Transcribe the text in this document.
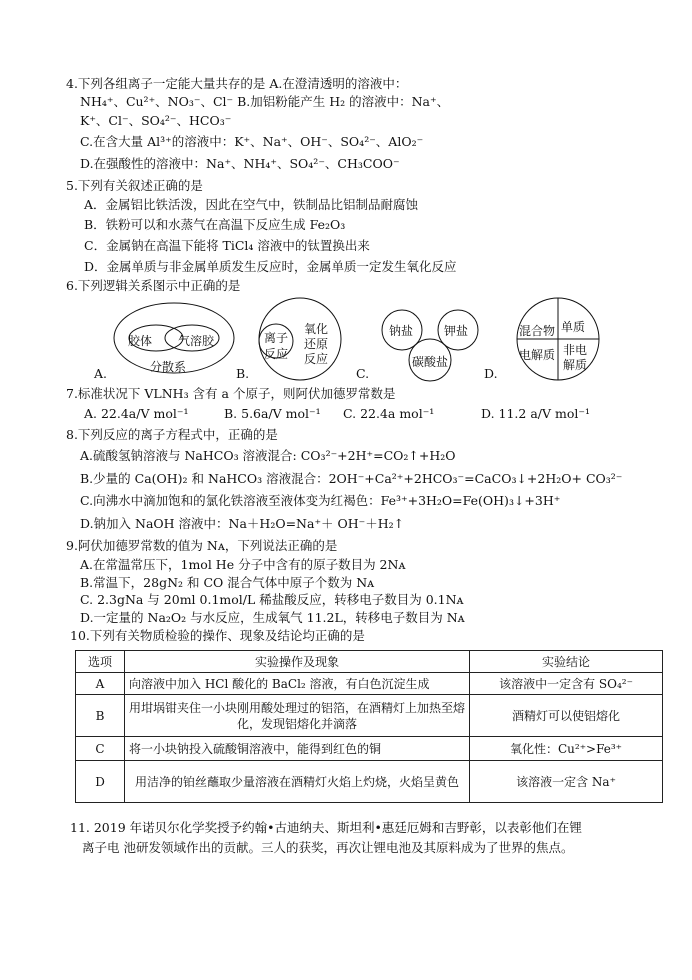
4.下列各组离子一定能大量共存的是 A.在澄清透明的溶液中：
NH₄⁺、Cu²⁺、NO₃⁻、Cl⁻ B.加铝粉能产生 H₂ 的溶液中：Na⁺、
K⁺、Cl⁻、SO₄²⁻、HCO₃⁻
C.在含大量 Al³⁺的溶液中：K⁺、Na⁺、OH⁻、SO₄²⁻、AlO₂⁻
D.在强酸性的溶液中：Na⁺、NH₄⁺、SO₄²⁻、CH₃COO⁻
5.下列有关叙述正确的是
A．金属铝比铁活泼，因此在空气中，铁制品比铝制品耐腐蚀
B．铁粉可以和水蒸气在高温下反应生成 Fe₂O₃
C．金属钠在高温下能将 TiCl₄ 溶液中的钛置换出来
D．金属单质与非金属单质发生反应时，金属单质一定发生氧化反应
6.下列逻辑关系图示中正确的是
胶体 气溶胶
分散系
A.
离子
反应
氧化
还原
反应
B.
钠盐	钾盐
碳酸盐
C.
混合物 单质
电解质 非电
解质
D.
7.标准状况下 VLNH₃ 含有 a 个原子，则阿伏加德罗常数是
A. 22.4a/V mol⁻¹	B. 5.6a/V mol⁻¹ C. 22.4a mol⁻¹	D. 11.2 a/V mol⁻¹
8.下列反应的离子方程式中，正确的是
A.硫酸氢钠溶液与 NaHCO₃ 溶液混合: CO₃²⁻+2H⁺=CO₂↑+H₂O
B.少量的 Ca(OH)₂ 和 NaHCO₃ 溶液混合：2OH⁻+Ca²⁺+2HCO₃⁻=CaCO₃↓+2H₂O+ CO₃²⁻
C.向沸水中滴加饱和的氯化铁溶液至液体变为红褐色：Fe³⁺+3H₂O=Fe(OH)₃↓+3H⁺
D.钠加入 NaOH 溶液中：Na＋H₂O=Na⁺＋ OH⁻＋H₂↑
9.阿伏加德罗常数的值为 Nᴀ，下列说法正确的是
A.在常温常压下，1mol He 分子中含有的原子数目为 2Nᴀ
B.常温下，28gN₂ 和 CO 混合气体中原子个数为 Nᴀ
C. 2.3gNa 与 20ml 0.1mol/L 稀盐酸反应，转移电子数目为 0.1Nᴀ
D.一定量的 Na₂O₂ 与水反应，生成氧气 11.2L，转移电子数目为 Nᴀ
10.下列有关物质检验的操作、现象及结论均正确的是
选项	实验操作及现象	实验结论
A	向溶液中加入 HCl 酸化的 BaCl₂ 溶液，有白色沉淀生成	该溶液中一定含有 SO₄²⁻
B	用坩埚钳夹住一小块刚用酸处理过的铝箔，在酒精灯上加热至熔化，发现铝熔化并滴落	酒精灯可以使铝熔化
C	将一小块钠投入硫酸铜溶液中，能得到红色的铜	氧化性：Cu²⁺>Fe³⁺
D	用洁净的铂丝蘸取少量溶液在酒精灯火焰上灼烧，火焰呈黄色	该溶液一定含 Na⁺
11. 2019 年诺贝尔化学奖授予约翰•古迪纳夫、斯坦利•惠廷厄姆和吉野彰，以表彰他们在锂
离子电 池研发领域作出的贡献。三人的获奖，再次让锂电池及其原料成为了世界的焦点。
